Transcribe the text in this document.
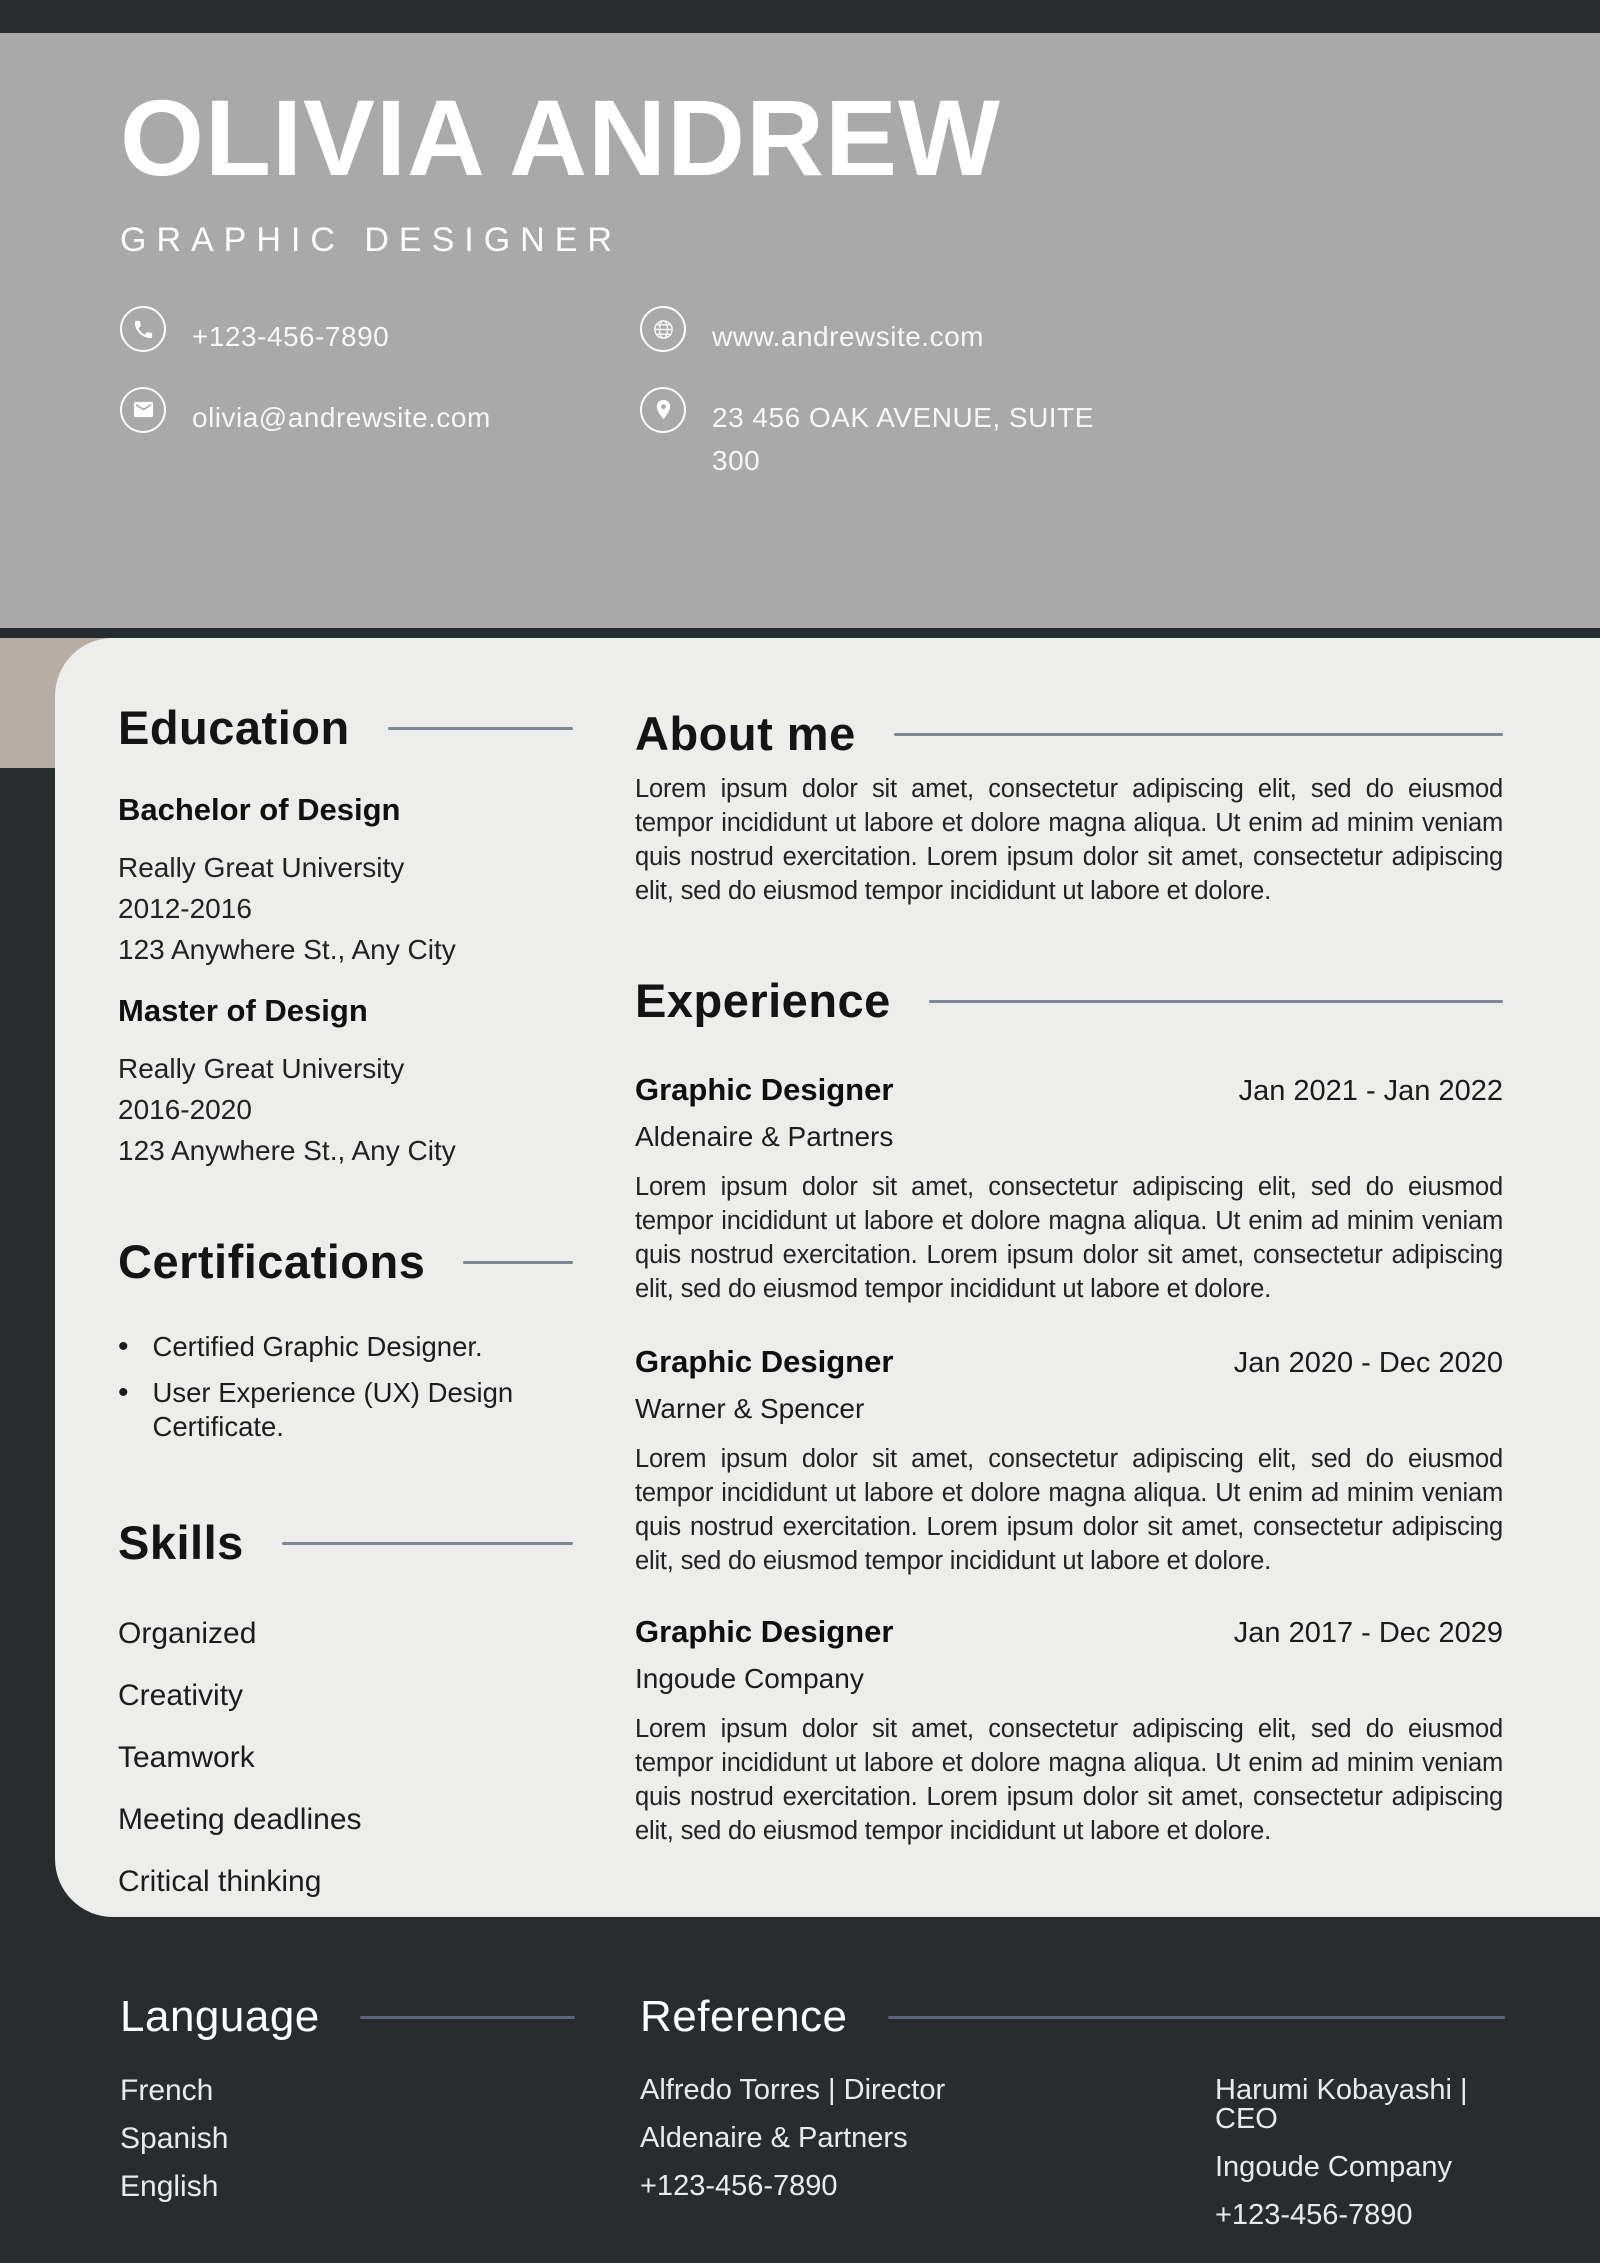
OLIVIA ANDREW
GRAPHIC DESIGNER
+123-456-7890	www.andrewsite.com
olivia@andrewsite.com	23 456 OAK AVENUE, SUITE 300
Education
Bachelor of Design
Really Great University
2012-2016
123 Anywhere St., Any City
Master of Design
Really Great University
2016-2020
123 Anywhere St., Any City
Certifications
• Certified Graphic Designer.
• User Experience (UX) Design Certificate.
Skills
Organized
Creativity
Teamwork
Meeting deadlines
Critical thinking
About me

Lorem ipsum dolor sit amet, consectetur adipiscing elit, sed do eiusmod tempor incididunt ut labore et dolore magna aliqua. Ut enim ad minim veniam quis nostrud exercitation. Lorem ipsum dolor sit amet, consectetur adipiscing elit, sed do eiusmod tempor incididunt ut labore et dolore.

Experience
Graphic Designer	Jan 2021 - Jan 2022
Aldenaire & Partners

Lorem ipsum dolor sit amet, consectetur adipiscing elit, sed do eiusmod tempor incididunt ut labore et dolore magna aliqua. Ut enim ad minim veniam quis nostrud exercitation. Lorem ipsum dolor sit amet, consectetur adipiscing elit, sed do eiusmod tempor incididunt ut labore et dolore.

Graphic Designer	Jan 2020 - Dec 2020
Warner & Spencer

Lorem ipsum dolor sit amet, consectetur adipiscing elit, sed do eiusmod tempor incididunt ut labore et dolore magna aliqua. Ut enim ad minim veniam quis nostrud exercitation. Lorem ipsum dolor sit amet, consectetur adipiscing elit, sed do eiusmod tempor incididunt ut labore et dolore.

Graphic Designer	Jan 2017 - Dec 2029
Ingoude Company

Lorem ipsum dolor sit amet, consectetur adipiscing elit, sed do eiusmod tempor incididunt ut labore et dolore magna aliqua. Ut enim ad minim veniam quis nostrud exercitation. Lorem ipsum dolor sit amet, consectetur adipiscing elit, sed do eiusmod tempor incididunt ut labore et dolore.

Language
French
Spanish
English
Reference
Alfredo Torres | Director
Aldenaire & Partners
+123-456-7890
Harumi Kobayashi | CEO
Ingoude Company
+123-456-7890
